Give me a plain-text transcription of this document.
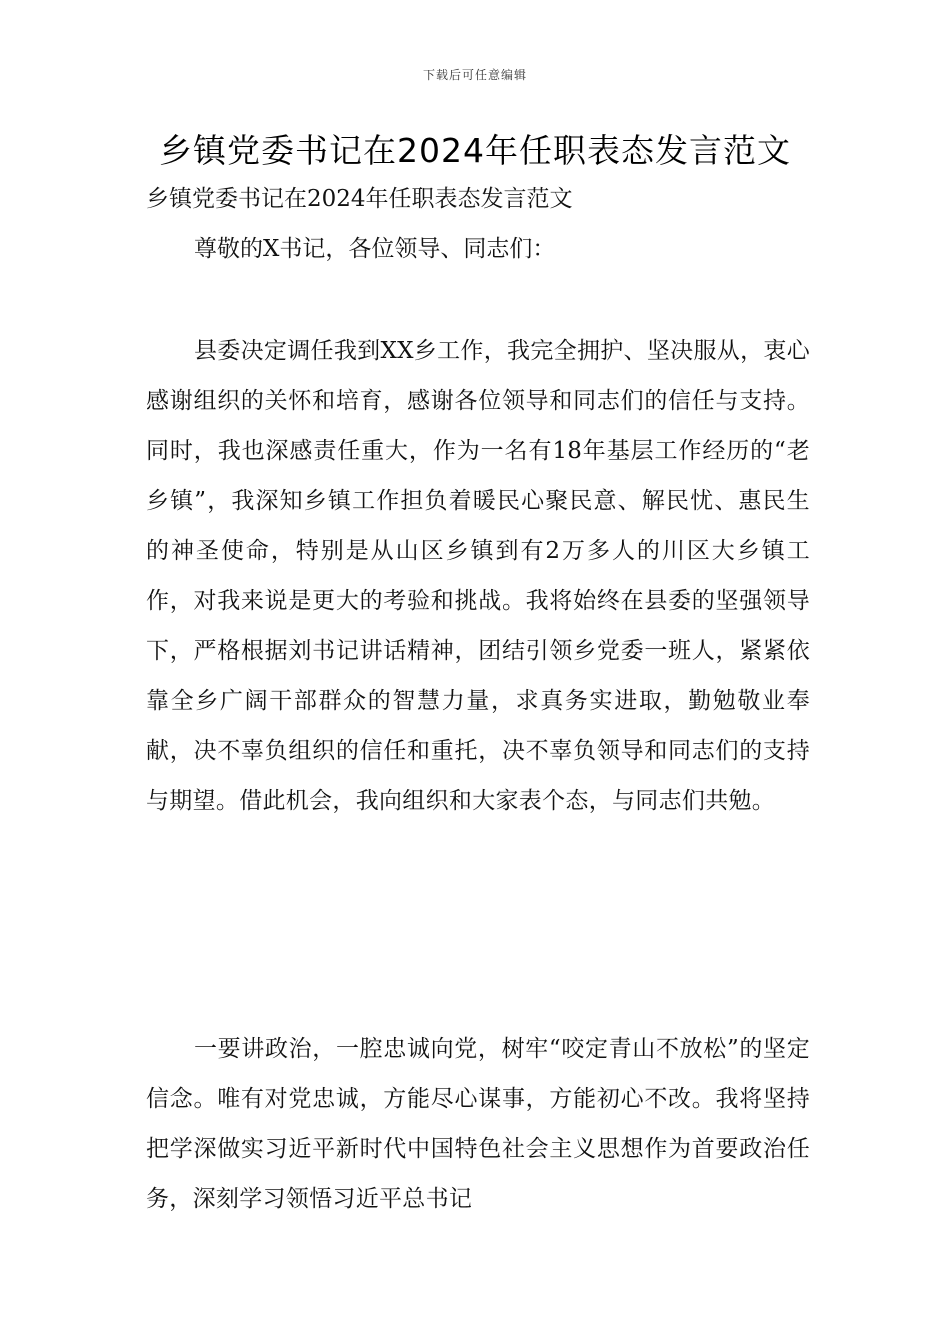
下载后可任意编辑
乡镇党委书记在2024年任职表态发言范文
乡镇党委书记在2024年任职表态发言范文
尊敬的X书记，各位领导、同志们：
县委决定调任我到XX乡工作，我完全拥护、坚决服从，衷心感谢组织的关怀和培育，感谢各位领导和同志们的信任与支持。同时，我也深感责任重大，作为一名有18年基层工作经历的“老乡镇”，我深知乡镇工作担负着暖民心聚民意、解民忧、惠民生的神圣使命，特别是从山区乡镇到有2万多人的川区大乡镇工作，对我来说是更大的考验和挑战。我将始终在县委的坚强领导下，严格根据刘书记讲话精神，团结引领乡党委一班人，紧紧依靠全乡广阔干部群众的智慧力量，求真务实进取，勤勉敬业奉献，决不辜负组织的信任和重托，决不辜负领导和同志们的支持与期望。借此机会，我向组织和大家表个态，与同志们共勉。
一要讲政治，一腔忠诚向党，树牢“咬定青山不放松”的坚定信念。唯有对党忠诚，方能尽心谋事，方能初心不改。我将坚持把学深做实习近平新时代中国特色社会主义思想作为首要政治任务，深刻学习领悟习近平总书记
